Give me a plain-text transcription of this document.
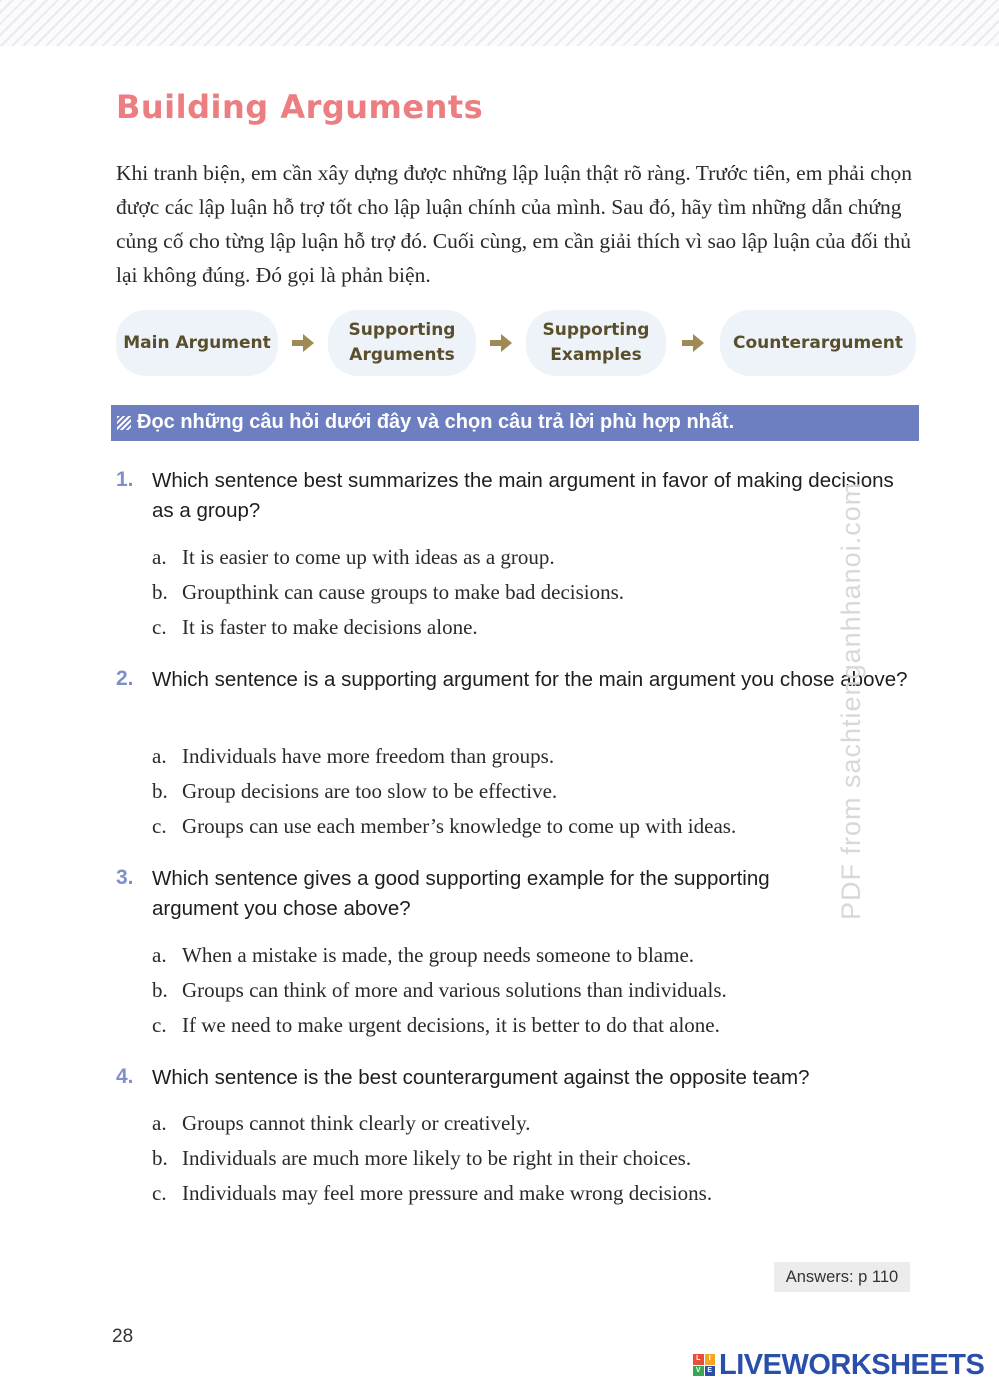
Building Arguments

Khi tranh biện, em cần xây dựng được những lập luận thật rõ ràng. Trước tiên, em phải chọn được các lập luận hỗ trợ tốt cho lập luận chính của mình. Sau đó, hãy tìm những dẫn chứng củng cố cho từng lập luận hỗ trợ đó. Cuối cùng, em cần giải thích vì sao lập luận của đối thủ lại không đúng. Đó gọi là phản biện.

Main Argument
Supporting
Arguments
Supporting
Examples
Counterargument
Đọc những câu hỏi dưới đây và chọn câu trả lời phù hợp nhất.
1. Which sentence best summarizes the main argument in favor of making decisions as a group?

a. It is easier to come up with ideas as a group.
b. Groupthink can cause groups to make bad decisions.
c. It is faster to make decisions alone.
2. Which sentence is a supporting argument for the main argument you chose above?

a. Individuals have more freedom than groups.
b. Group decisions are too slow to be effective.
c. Groups can use each member’s knowledge to come up with ideas.
3. Which sentence gives a good supporting example for the supporting argument you chose above?

a. When a mistake is made, the group needs someone to blame.
b. Groups can think of more and various solutions than individuals.
c. If we need to make urgent decisions, it is better to do that alone.
4. Which sentence is the best counterargument against the opposite team?

a. Groups cannot think clearly or creatively.
b. Individuals are much more likely to be right in their choices.
c. Individuals may feel more pressure and make wrong decisions.
PDF from sachtienganhhanoi.com
Answers: p 110
28
L	I
V E LIVEWORKSHEETS
